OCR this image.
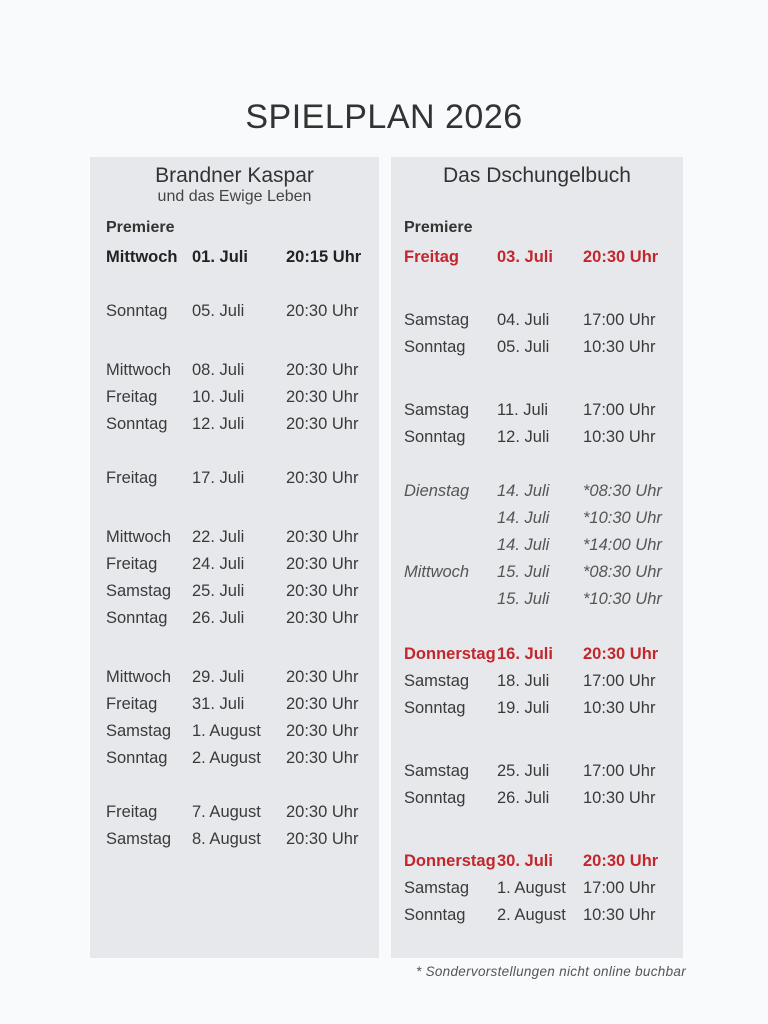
SPIELPLAN 2026
Brandner Kaspar
und das Ewige Leben
Premiere
Mittwoch 01. Juli 20:15 Uhr
Sonntag 05. Juli	20:30 Uhr
Mittwoch 08. Juli	20:30 Uhr
Freitag 10. Juli	20:30 Uhr
Sonntag 12. Juli	20:30 Uhr
Freitag 17. Juli	20:30 Uhr
Mittwoch 22. Juli	20:30 Uhr
Freitag 24. Juli	20:30 Uhr
Samstag 25. Juli	20:30 Uhr
Sonntag 26. Juli	20:30 Uhr
Mittwoch 29. Juli	20:30 Uhr
Freitag 31. Juli	20:30 Uhr
Samstag 1. August 20:30 Uhr
Sonntag 2. August 20:30 Uhr
Freitag 7. August 20:30 Uhr
Samstag 8. August 20:30 Uhr
Das Dschungelbuch
Premiere
Freitag 03. Juli 20:30 Uhr
Samstag 04. Juli 17:00 Uhr
Sonntag 05. Juli 10:30 Uhr
Samstag 11. Juli 17:00 Uhr
Sonntag 12. Juli 10:30 Uhr
Dienstag 14. Juli *08:30 Uhr
14. Juli *10:30 Uhr
14. Juli *14:00 Uhr
Mittwoch 15. Juli *08:30 Uhr
15. Juli *10:30 Uhr
Donnerstag 16. Juli 20:30 Uhr
Samstag 18. Juli 17:00 Uhr
Sonntag 19. Juli 10:30 Uhr
Samstag 25. Juli 17:00 Uhr
Sonntag 26. Juli 10:30 Uhr
Donnerstag 30. Juli 20:30 Uhr
Samstag 1. August 17:00 Uhr
Sonntag 2. August 10:30 Uhr
* Sondervorstellungen nicht online buchbar
